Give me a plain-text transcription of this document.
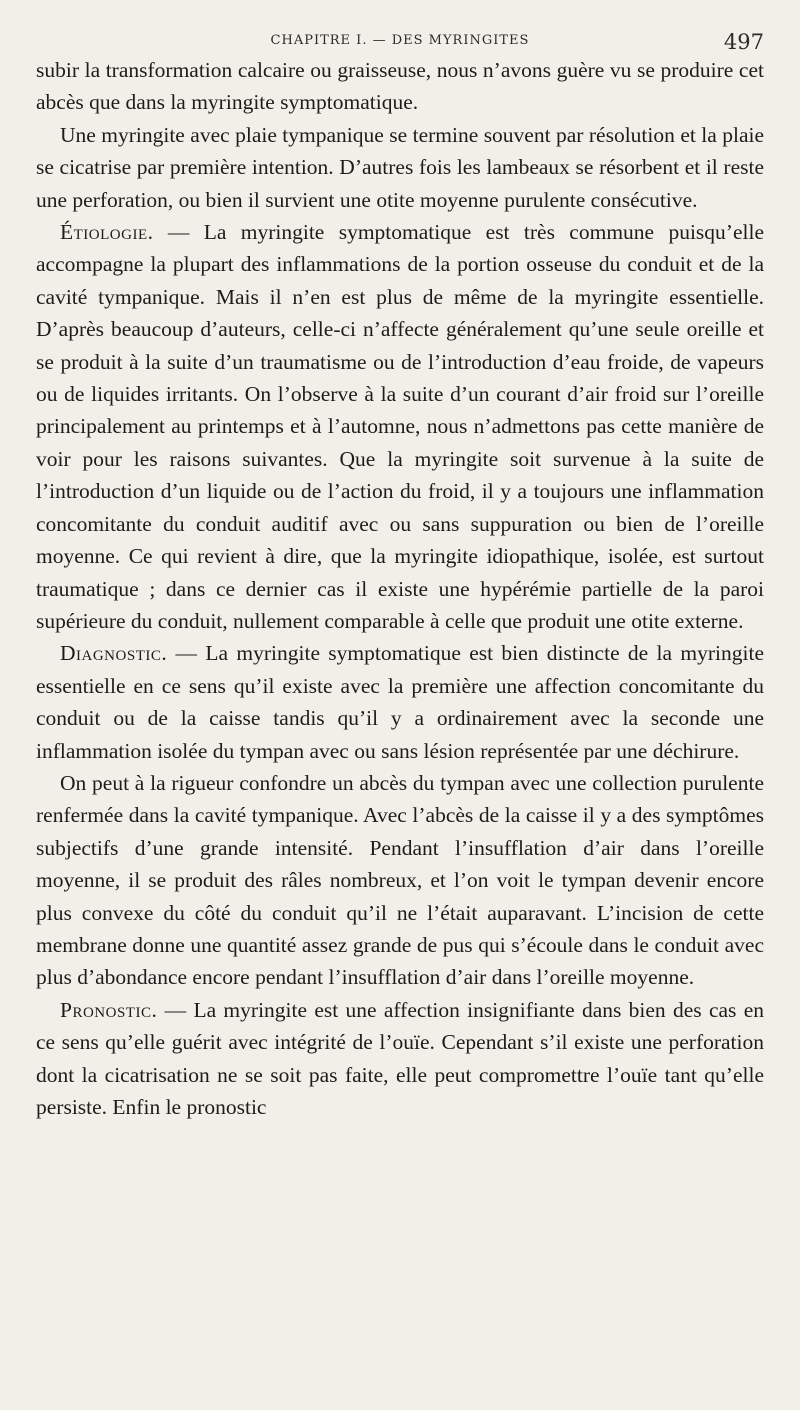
CHAPITRE I. — DES MYRINGITES	497

subir la transformation calcaire ou graisseuse, nous n’avons guère vu se produire cet abcès que dans la myringite symptomatique.

Une myringite avec plaie tympanique se termine souvent par résolution et la plaie se cicatrise par première intention. D’autres fois les lambeaux se résorbent et il reste une perforation, ou bien il survient une otite moyenne purulente consécutive.

Étiologie. — La myringite symptomatique est très commune puisqu’elle accompagne la plupart des inflammations de la portion osseuse du conduit et de la cavité tympanique. Mais il n’en est plus de même de la myringite essentielle. D’après beaucoup d’auteurs, celle-ci n’affecte généralement qu’une seule oreille et se produit à la suite d’un traumatisme ou de l’introduction d’eau froide, de vapeurs ou de liquides irritants. On l’observe à la suite d’un courant d’air froid sur l’oreille principalement au printemps et à l’automne, nous n’admettons pas cette manière de voir pour les raisons suivantes. Que la myringite soit survenue à la suite de l’introduction d’un liquide ou de l’action du froid, il y a toujours une inflammation concomitante du conduit auditif avec ou sans suppuration ou bien de l’oreille moyenne. Ce qui revient à dire, que la myringite idiopathique, isolée, est surtout traumatique ; dans ce dernier cas il existe une hypérémie partielle de la paroi supérieure du conduit, nullement comparable à celle que produit une otite externe.

Diagnostic. — La myringite symptomatique est bien distincte de la myringite essentielle en ce sens qu’il existe avec la première une affection concomitante du conduit ou de la caisse tandis qu’il y a ordinairement avec la seconde une inflammation isolée du tympan avec ou sans lésion représentée par une déchirure.

On peut à la rigueur confondre un abcès du tympan avec une collection purulente renfermée dans la cavité tympanique. Avec l’abcès de la caisse il y a des symptômes subjectifs d’une grande intensité. Pendant l’insufflation d’air dans l’oreille moyenne, il se produit des râles nombreux, et l’on voit le tympan devenir encore plus convexe du côté du conduit qu’il ne l’était auparavant. L’incision de cette membrane donne une quantité assez grande de pus qui s’écoule dans le conduit avec plus d’abondance encore pendant l’insufflation d’air dans l’oreille moyenne.

Pronostic. — La myringite est une affection insignifiante dans bien des cas en ce sens qu’elle guérit avec intégrité de l’ouïe. Cependant s’il existe une perforation dont la cicatrisation ne se soit pas faite, elle peut compromettre l’ouïe tant qu’elle persiste. Enfin le pronostic
